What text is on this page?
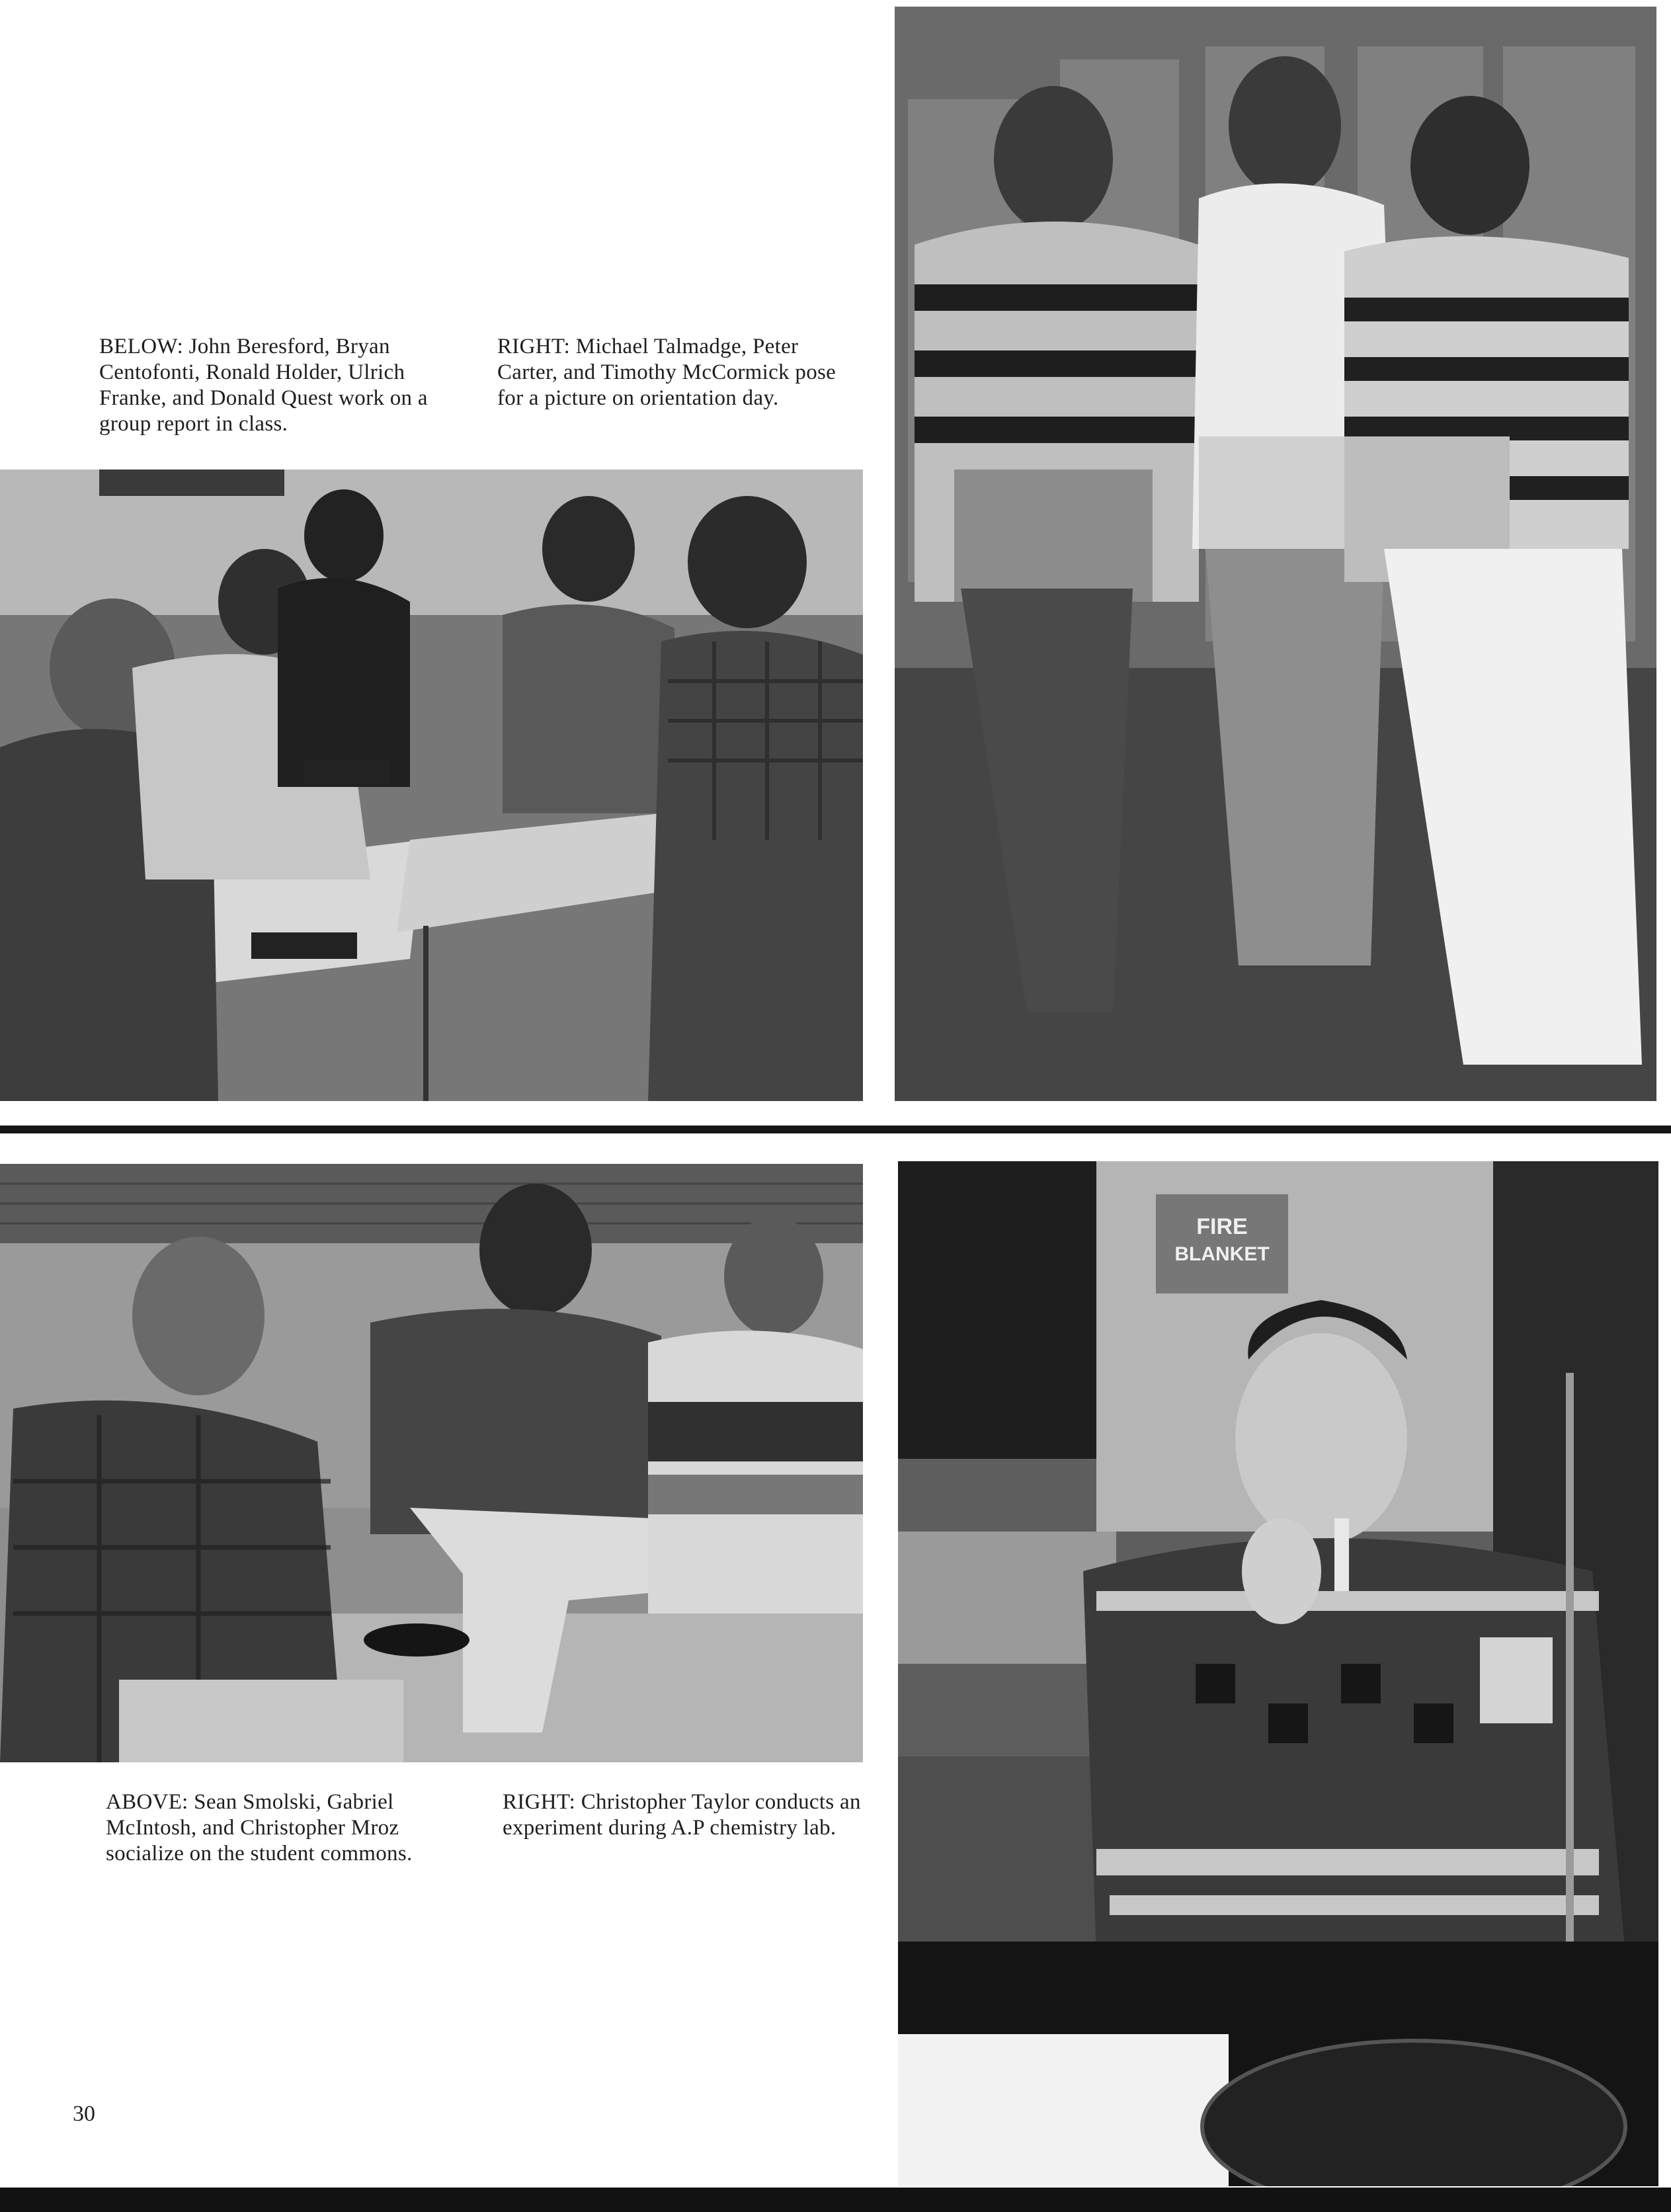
BELOW: John Beresford, Bryan Centofonti, Ronald Holder, Ulrich Franke, and Donald Quest work on a group report in class.

RIGHT: Michael Talmadge, Peter Carter, and Timothy McCormick pose for a picture on orientation day.

FIRE
BLANKET

ABOVE: Sean Smolski, Gabriel McIntosh, and Christopher Mroz socialize on the student commons.

RIGHT: Christopher Taylor conducts an experiment during A.P chemistry lab.

30
